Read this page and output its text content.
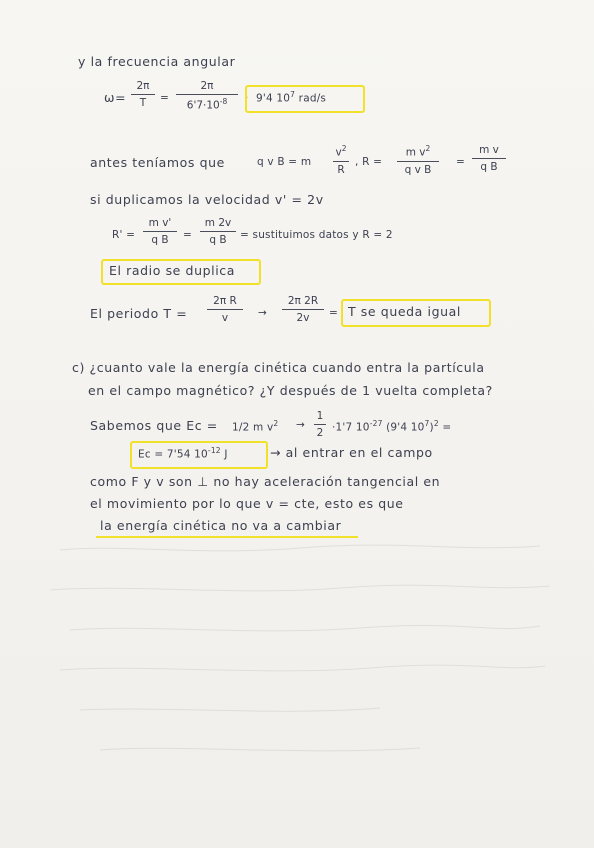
y la frecuencia angular
ω=
2π
T =
2π
$6'7\cdot 10^{-8} \cdot 9'4$ $10^7$ rad/s
antes teníamos que	q v B = m
$v^2$
R
, R =
m $v^2$
q v B
=
m v
q B
si duplicamos la velocidad v' = 2v
R' =
m v'
q B =
m 2v
q B = sustituimos datos y R = 2
El radio se duplica
El periodo T =
2π R
v	→
2π 2R
2v = T se queda igual
c) ¿cuanto vale la energía cinética cuando entra la partícula
en el campo magnético? ¿Y después de 1 vuelta completa?
Sabemos que Ec = 1/2 m $v^2$ →
1
2 ·1'7 $10^{-27}$ (9'4 $10^7)^2$ =
Ec = 7'54 $10^{-12}$ J	→ al entrar en el campo
como F y v son ⊥ no hay aceleración tangencial en
el movimiento por lo que v = cte, esto es que
la energía cinética no va a cambiar
